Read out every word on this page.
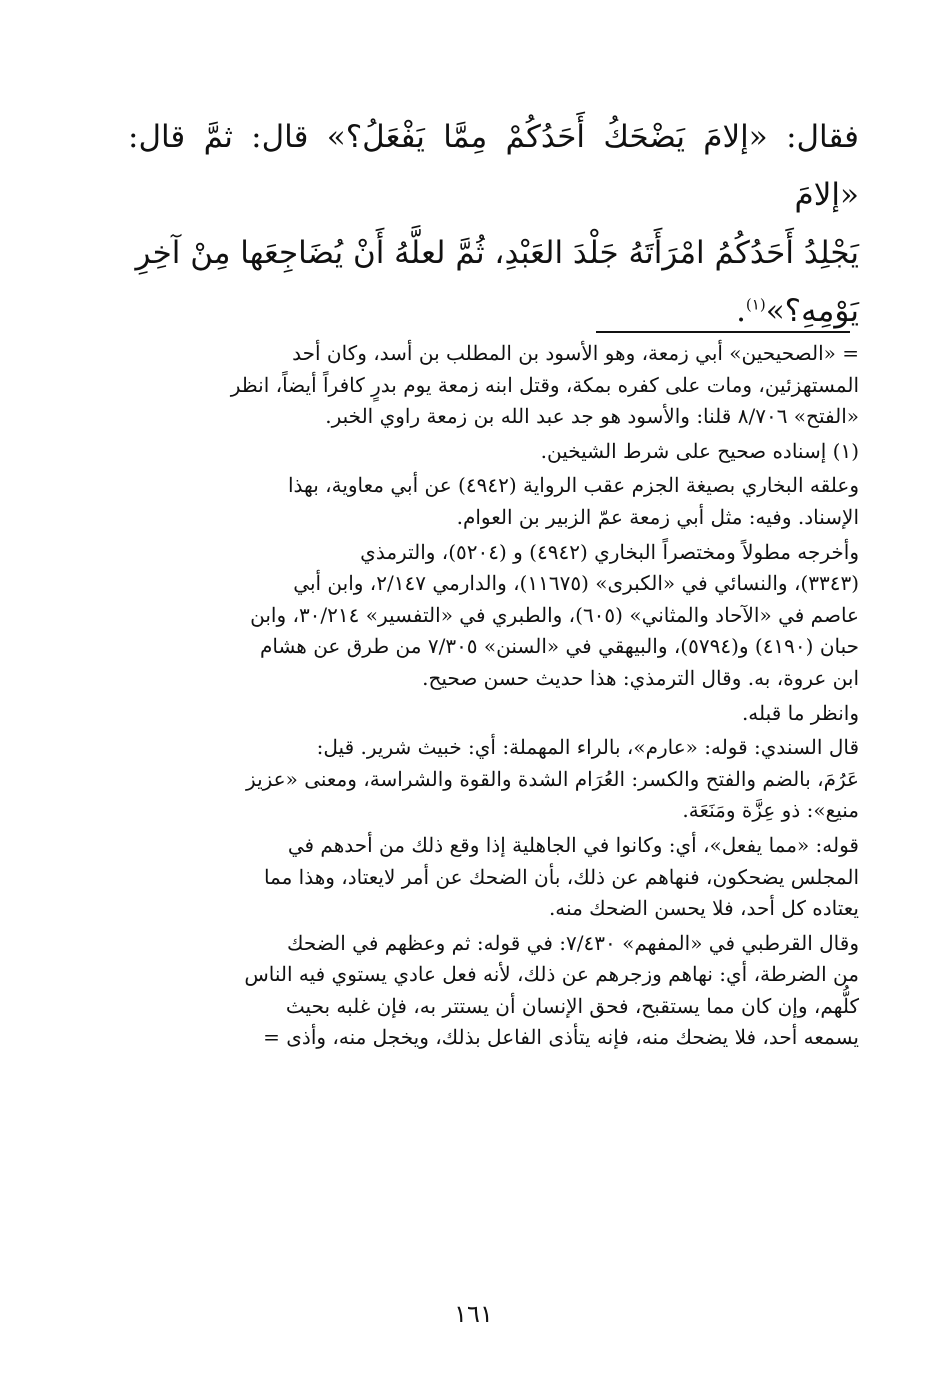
فقال: «إلامَ يَضْحَكُ أَحَدُكُمْ مِمَّا يَفْعَلُ؟» قال: ثمَّ قال: «إلامَ

يَجْلِدُ أَحَدُكُمُ امْرَأَتَهُ جَلْدَ العَبْدِ، ثُمَّ لعلَّهُ أَنْ يُضَاجِعَها مِنْ آخِرِ

يَوْمِهِ؟»$^{(١)}$.

= «الصحيحين» أبي زمعة، وهو الأسود بن المطلب بن أسد، وكان أحد

المستهزئين، ومات على كفره بمكة، وقتل ابنه زمعة يوم بدرٍ كافراً أيضاً، انظر

«الفتح» ٨/٧٠٦ قلنا: والأسود هو جد عبد الله بن زمعة راوي الخبر.

(١) إسناده صحيح على شرط الشيخين.

وعلقه البخاري بصيغة الجزم عقب الرواية (٤٩٤٢) عن أبي معاوية، بهذا

الإسناد. وفيه: مثل أبي زمعة عمّ الزبير بن العوام.

وأخرجه مطولاً ومختصراً البخاري (٤٩٤٢) و (٥٢٠٤)، والترمذي

(٣٣٤٣)، والنسائي في «الكبرى» (١١٦٧٥)، والدارمي ٢/١٤٧، وابن أبي

عاصم في «الآحاد والمثاني» (٦٠٥)، والطبري في «التفسير» ٣٠/٢١٤، وابن

حبان (٤١٩٠) و(٥٧٩٤)، والبيهقي في «السنن» ٧/٣٠٥ من طرق عن هشام

ابن عروة، به. وقال الترمذي: هذا حديث حسن صحيح.

وانظر ما قبله.

قال السندي: قوله: «عارم»، بالراء المهملة: أي: خبيث شرير. قيل:

عَرُمَ، بالضم والفتح والكسر: العُرَام الشدة والقوة والشراسة، ومعنى «عزيز

منيع»: ذو عِزَّة ومَنَعَة.

قوله: «مما يفعل»، أي: وكانوا في الجاهلية إذا وقع ذلك من أحدهم في

المجلس يضحكون، فنهاهم عن ذلك، بأن الضحك عن أمر لايعتاد، وهذا مما

يعتاده كل أحد، فلا يحسن الضحك منه.

وقال القرطبي في «المفهم» ٧/٤٣٠: في قوله: ثم وعظهم في الضحك

من الضرطة، أي: نهاهم وزجرهم عن ذلك، لأنه فعل عادي يستوي فيه الناس

كلُّهم، وإن كان مما يستقبح، فحق الإنسان أن يستتر به، فإن غلبه بحيث

يسمعه أحد، فلا يضحك منه، فإنه يتأذى الفاعل بذلك، ويخجل منه، وأذى =

١٦١
